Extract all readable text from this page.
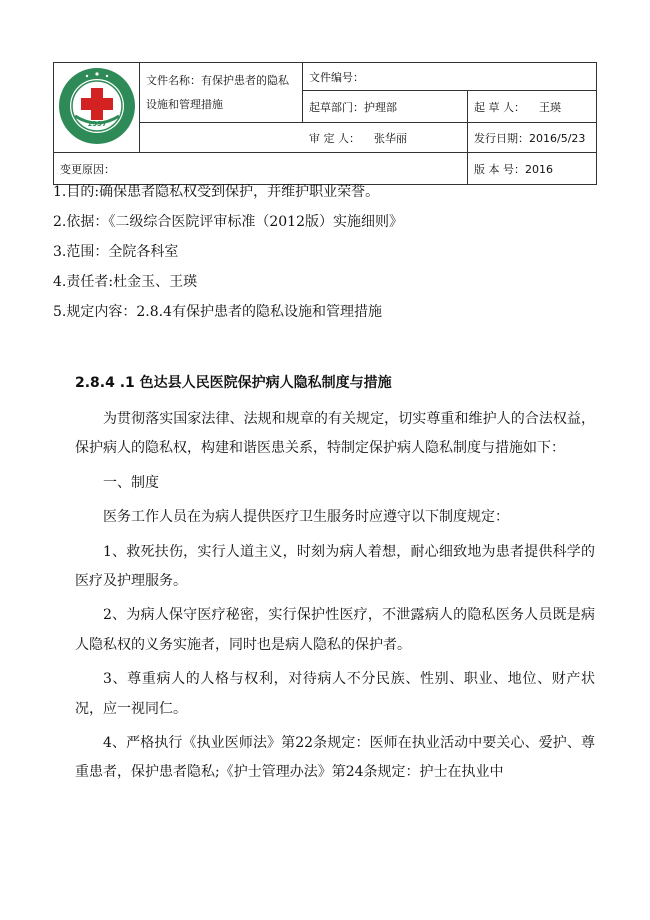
1997	文件名称：有保护患者的隐私设施和管理措施	文件编号：	
		起草部门：护理部	起 草 人： 王瑛
	审 定 人： 张华丽		发行日期：2016/5/23
变更原因：			版 本 号：2016
1.目的:确保患者隐私权受到保护，并维护职业荣誉。
2.依据：《二级综合医院评审标准（2012版）实施细则》
3.范围：全院各科室
4.责任者:杜金玉、王瑛
5.规定内容：2.8.4有保护患者的隐私设施和管理措施
2.8.4 .1 色达县人民医院保护病人隐私制度与措施

为贯彻落实国家法律、法规和规章的有关规定，切实尊重和维护人的合法权益，保护病人的隐私权，构建和谐医患关系，特制定保护病人隐私制度与措施如下：

一、制度

医务工作人员在为病人提供医疗卫生服务时应遵守以下制度规定：

1、救死扶伤，实行人道主义，时刻为病人着想，耐心细致地为患者提供科学的医疗及护理服务。

2、为病人保守医疗秘密，实行保护性医疗，不泄露病人的隐私医务人员既是病人隐私权的义务实施者，同时也是病人隐私的保护者。

3、尊重病人的人格与权利，对待病人不分民族、性别、职业、地位、财产状况，应一视同仁。

4、严格执行《执业医师法》第22条规定：医师在执业活动中要关心、爱护、尊重患者，保护患者隐私;《护士管理办法》第24条规定：护士在执业中
